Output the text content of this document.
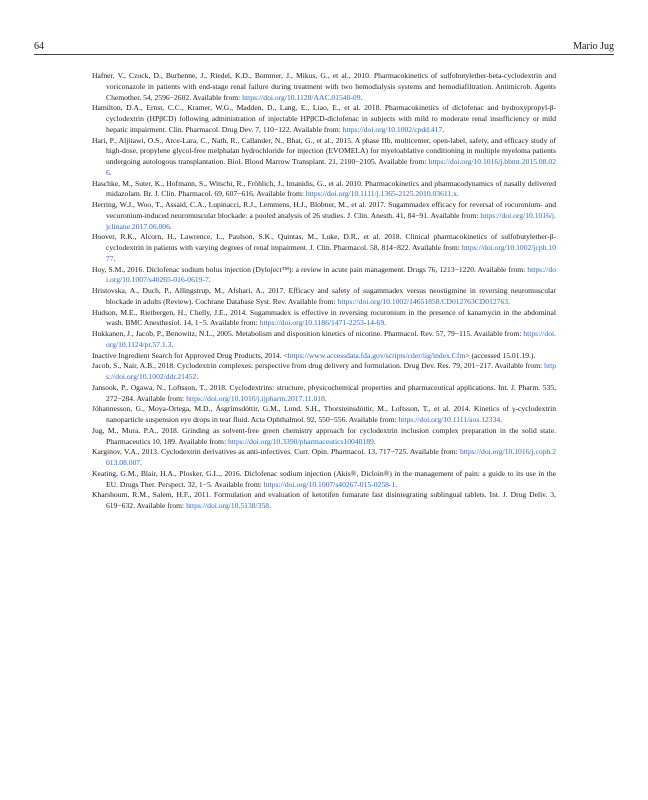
64	Mario Jug
Hafner, V., Czock, D., Burhenne, J., Riedel, K.D., Bommer, J., Mikus, G., et al., 2010. Pharmacokinetics of sulfobutylether-beta-cyclodextrin and voriconazole in patients with end-stage renal failure during treatment with two hemodialysis systems and hemodiafiltration. Antimicrob. Agents Chemother. 54, 2596−2602. Available from: https://doi.org/10.1128/AAC.01540-09.
Hamilton, D.A., Ernst, C.C., Kramer, W.G., Madden, D., Lang, E., Liao, E., et al. 2018. Pharmacokinetics of diclofenac and hydroxypropyl-β-cyclodextrin (HPβCD) following administration of injectable HPβCD-diclofenac in subjects with mild to moderate renal insufficiency or mild hepatic impairment. Clin. Pharmacol. Drug Dev. 7, 110−122. Available from: https://doi.org/10.1002/cpdd.417.
Hari, P., Aljitawi, O.S., Arce-Lara, C., Nath, R., Callander, N., Bhat, G., et al., 2015. A phase IIb, multicenter, open-label, safety, and efficacy study of high-dose, propylene glycol-free melphalan hydrochloride for injection (EVOMELA) for myeloablative conditioning in multiple myeloma patients undergoing autologous transplantation. Biol. Blood Marrow Transplant. 21, 2100−2105. Available from: https://doi.org/10.1016/j.bbmt.2015.08.026.
Haschke, M., Suter, K., Hofmann, S., Witschi, R., Fröhlich, J., Imanidis, G., et al. 2010. Pharmacokinetics and pharmacodynamics of nasally delivered midazolam. Br. J. Clin. Pharmacol. 69, 607−616. Available from: https://doi.org/10.1111/j.1365-2125.2010.03611.x.
Herring, W.J., Woo, T., Assaid, C.A., Lupinacci, R.J., Lemmens, H.J., Blobner, M., et al. 2017. Sugammadex efficacy for reversal of rocuronium- and vecuronium-induced neuromuscular blockade: a pooled analysis of 26 studies. J. Clin. Anesth. 41, 84−91. Available from: https://doi.org/10.1016/j.jclinane.2017.06.006.
Hoover, R.K., Alcorn, H., Lawrence, L., Paulson, S.K., Quintas, M., Luke, D.R., et al. 2018. Clinical pharmacokinetics of sulfobutylether-β-cyclodextrin in patients with varying degrees of renal impairment. J. Clin. Pharmacol. 58, 814−822. Available from: https://doi.org/10.1002/jcph.1077.
Hoy, S.M., 2016. Diclofenac sodium bolus injection (Dyloject™): a review in acute pain management. Drugs 76, 1213−1220. Available from: https://doi.org/10.1007/s40265-016-0619-7.
Hristovska, A., Duch, P., Allingstrup, M., Afshari, A., 2017. Efficacy and safety of sugammadex versus neostigmine in reversing neuromuscular blockade in adults (Review). Cochrane Database Syst. Rev. Available from: https://doi.org/10.1002/14651858.CD012763CD012763.
Hudson, M.E., Rietbergen, H., Chelly, J.E., 2014. Sugammadex is effective in reversing rocuronium in the presence of kanamycin in the abdominal wash. BMC Anesthesiol. 14, 1−5. Available from: https://doi.org/10.1186/1471-2253-14-69.
Hukkanen, J., Jacob, P., Benowitz, N.L., 2005. Metabolism and disposition kinetics of nicotine. Pharmacol. Rev. 57, 79−115. Available from: https://doi.org/10.1124/pr.57.1.3.
Inactive Ingredient Search for Approved Drug Products, 2014. <https://www.accessdata.fda.gov/scripts/cder/iig/index.Cfm> (accessed 15.01.19.).
Jacob, S., Nair, A.B., 2018. Cyclodextrin complexes: perspective from drug delivery and formulation. Drug Dev. Res. 79, 201−217. Available from: https://doi.org/10.1002/ddr.21452.
Jansook, P., Ogawa, N., Loftsson, T., 2018. Cyclodextrins: structure, physicochemical properties and pharmaceutical applications. Int. J. Pharm. 535, 272−284. Available from: https://doi.org/10.1016/j.ijpharm.2017.11.018.
Jóhannesson, G., Moya-Ortega, M.D., Ásgrímsdóttir, G.M., Lund, S.H., Thorsteinsdóttir, M., Loftsson, T., et al. 2014. Kinetics of γ-cyclodextrin nanoparticle suspension eye drops in tear fluid. Acta Ophthalmol. 92, 550−556. Available from: https://doi.org/10.1111/aos.12334.
Jug, M., Mura, P.A., 2018. Grinding as solvent-free green chemistry approach for cyclodextrin inclusion complex preparation in the solid state. Pharmaceutics 10, 189. Available from: https://doi.org/10.3390/pharmaceutics10040189.
Karginov, V.A., 2013. Cyclodextrin derivatives as anti-infectives. Curr. Opin. Pharmacol. 13, 717−725. Available from: https://doi.org/10.1016/j.coph.2013.08.007.
Keating, G.M., Blair, H.A., Plosker, G.L., 2016. Diclofenac sodium injection (Akis®, Dicloin®) in the management of pain: a guide to its use in the EU. Drugs Ther. Perspect. 32, 1−5. Available from: https://doi.org/10.1007/s40267-015-0258-1.
Kharshoum, R.M., Salem, H.F., 2011. Formulation and evaluation of ketotifen fumarate fast disintegrating sublingual tablets. Int. J. Drug Deliv. 3, 619−632. Available from: https://doi.org/10.5138/358.
